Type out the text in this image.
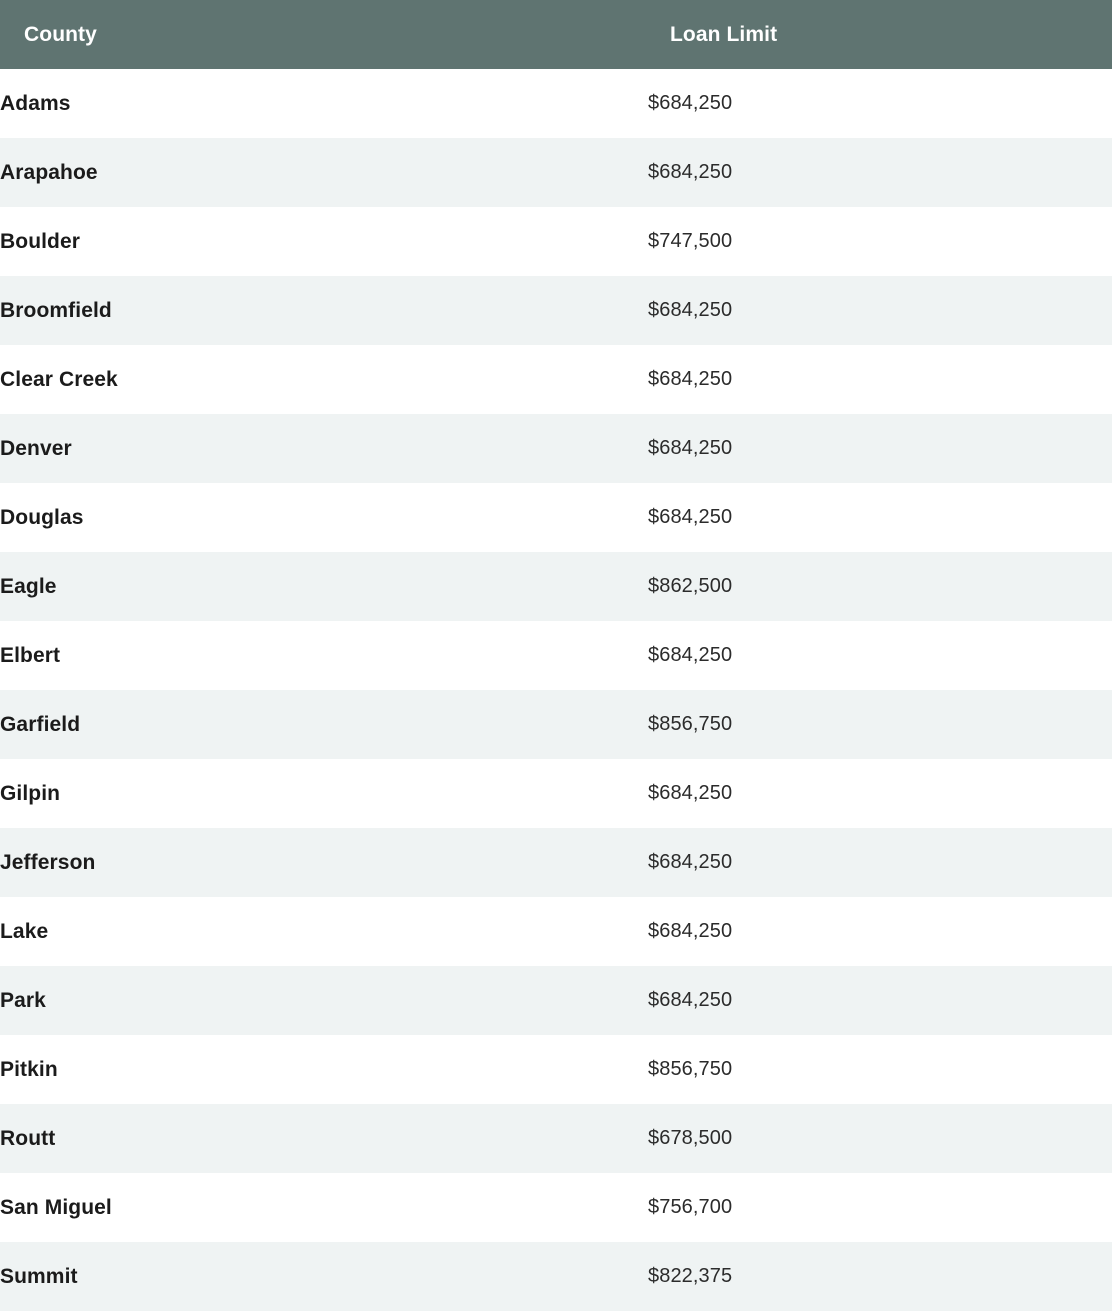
County	Loan Limit
Adams	$684,250
Arapahoe	$684,250
Boulder	$747,500
Broomfield	$684,250
Clear Creek	$684,250
Denver	$684,250
Douglas	$684,250
Eagle	$862,500
Elbert	$684,250
Garfield	$856,750
Gilpin	$684,250
Jefferson	$684,250
Lake	$684,250
Park	$684,250
Pitkin	$856,750
Routt	$678,500
San Miguel	$756,700
Summit	$822,375
